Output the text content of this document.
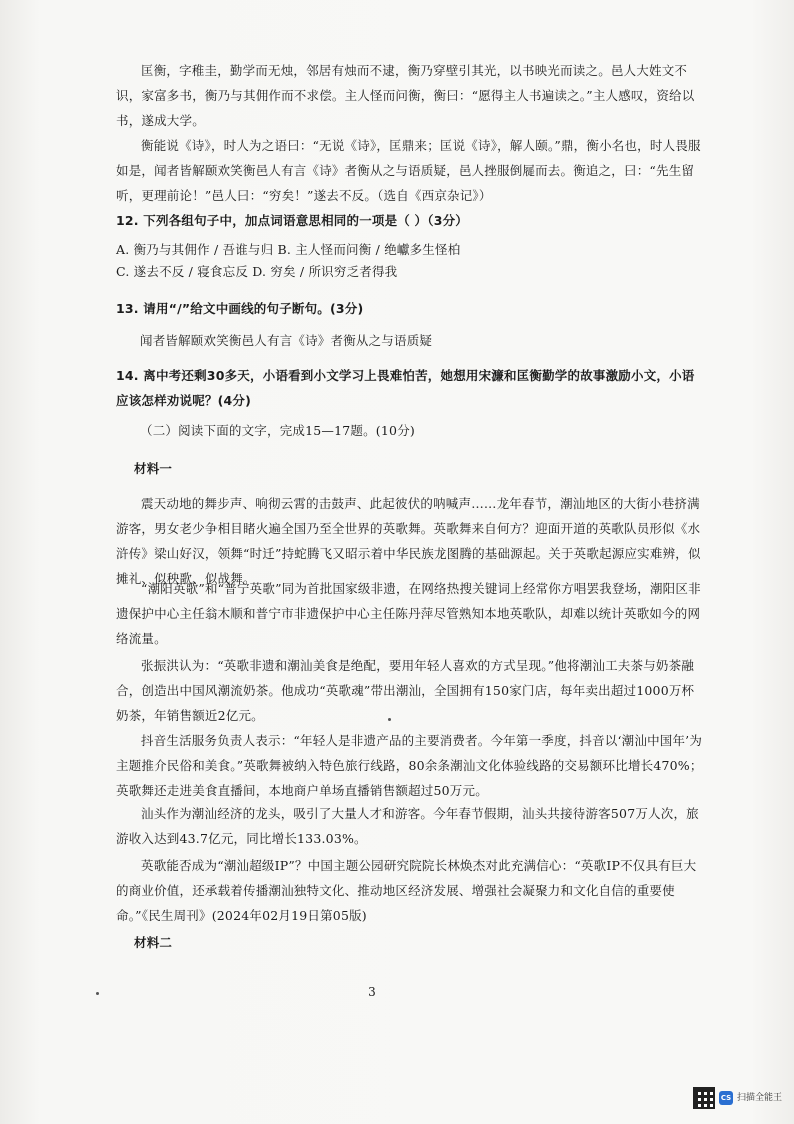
匡衡，字稚圭，勤学而无烛，邻居有烛而不逮，衡乃穿壁引其光，以书映光而读之。邑人大姓文不识，家富多书，衡乃与其佣作而不求偿。主人怪而问衡，衡曰：“愿得主人书遍读之。”主人感叹，资给以书，遂成大学。

衡能说《诗》，时人为之语曰：“无说《诗》，匡鼎来；匡说《诗》，解人颐。”鼎，衡小名也，时人畏服如是，闻者皆解颐欢笑衡邑人有言《诗》者衡从之与语质疑，邑人挫服倒屣而去。衡追之，曰：“先生留听，更理前论！”邑人曰：“穷矣！”遂去不反。（选自《西京杂记》）

12. 下列各组句子中，加点词语意思相同的一项是（ ）（3分）

A. 衡乃与其佣作 / 吾谁与归 B. 主人怪而问衡 / 绝巘多生怪柏

C. 遂去不反 / 寝食忘反 D. 穷矣 / 所识穷乏者得我

13. 请用“/”给文中画线的句子断句。(3分)

闻者皆解颐欢笑衡邑人有言《诗》者衡从之与语质疑

14. 离中考还剩30多天，小语看到小文学习上畏难怕苦，她想用宋濂和匡衡勤学的故事激励小文，小语应该怎样劝说呢？(4分)

（二）阅读下面的文字，完成15—17题。(10分)

材料一

震天动地的舞步声、响彻云霄的击鼓声、此起彼伏的呐喊声……龙年春节，潮汕地区的大街小巷挤满游客，男女老少争相目睹火遍全国乃至全世界的英歌舞。英歌舞来自何方？迎面开道的英歌队员形似《水浒传》梁山好汉，领舞“时迁”持蛇腾飞又昭示着中华民族龙图腾的基础源起。关于英歌起源应实难辨，似摊礼、似秧歌、似战舞。

“潮阳英歌”和“普宁英歌”同为首批国家级非遗，在网络热搜关键词上经常你方唱罢我登场，潮阳区非遗保护中心主任翁木顺和普宁市非遗保护中心主任陈丹萍尽管熟知本地英歌队，却难以统计英歌如今的网络流量。

张振洪认为：“英歌非遗和潮汕美食是绝配，要用年轻人喜欢的方式呈现。”他将潮汕工夫茶与奶茶融合，创造出中国风潮流奶茶。他成功“英歌魂”带出潮汕，全国拥有150家门店，每年卖出超过1000万杯奶茶，年销售额近2亿元。

抖音生活服务负责人表示：“年轻人是非遗产品的主要消费者。今年第一季度，抖音以‘潮汕中国年’为主题推介民俗和美食。”英歌舞被纳入特色旅行线路，80余条潮汕文化体验线路的交易额环比增长470%；英歌舞还走进美食直播间，本地商户单场直播销售额超过50万元。

汕头作为潮汕经济的龙头，吸引了大量人才和游客。今年春节假期，汕头共接待游客507万人次，旅游收入达到43.7亿元，同比增长133.03%。

英歌能否成为“潮汕超级IP”？中国主题公园研究院院长林焕杰对此充满信心：“英歌IP不仅具有巨大的商业价值，还承载着传播潮汕独特文化、推动地区经济发展、增强社会凝聚力和文化自信的重要使命。”《民生周刊》(2024年02月19日第05版)

材料二

3
CS 扫描全能王
